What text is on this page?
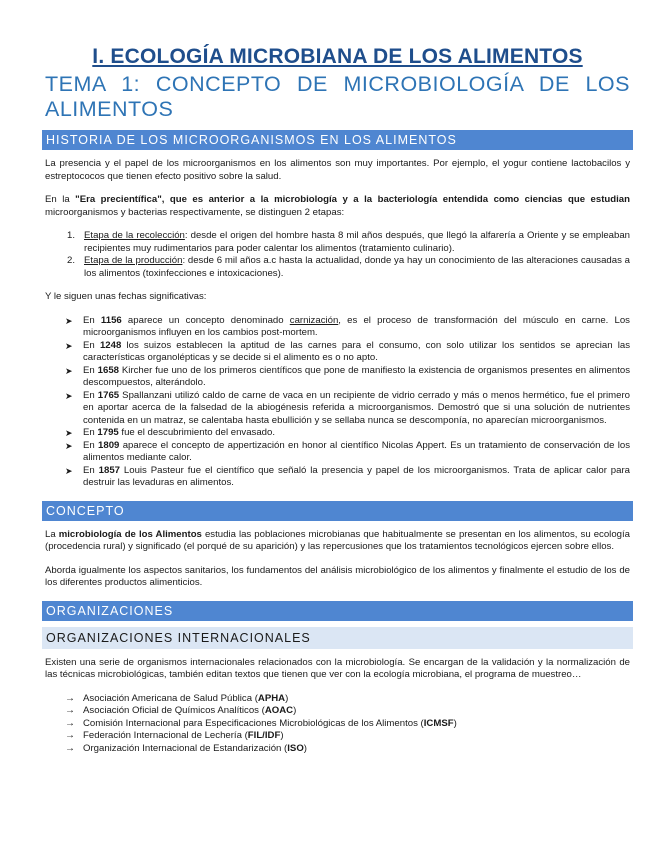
I. ECOLOGÍA MICROBIANA DE LOS ALIMENTOS
TEMA 1: CONCEPTO DE MICROBIOLOGÍA DE LOS ALIMENTOS
HISTORIA DE LOS MICROORGANISMOS EN LOS ALIMENTOS

La presencia y el papel de los microorganismos en los alimentos son muy importantes. Por ejemplo, el yogur contiene lactobacilos y estreptococos que tienen efecto positivo sobre la salud.

En la "Era precientífica", que es anterior a la microbiología y a la bacteriología entendida como ciencias que estudian microorganismos y bacterias respectivamente, se distinguen 2 etapas:

1. Etapa de la recolección: desde el origen del hombre hasta 8 mil años después, que llegó la alfarería a Oriente y se empleaban recipientes muy rudimentarios para poder calentar los alimentos (tratamiento culinario).
2. Etapa de la producción: desde 6 mil años a.c hasta la actualidad, donde ya hay un conocimiento de las alteraciones causadas a los alimentos (toxinfecciones e intoxicaciones).

Y le siguen unas fechas significativas:

➤ En 1156 aparece un concepto denominado carnización, es el proceso de transformación del músculo en carne. Los microorganismos influyen en los cambios post-mortem.
➤ En 1248 los suizos establecen la aptitud de las carnes para el consumo, con solo utilizar los sentidos se aprecian las características organolépticas y se decide si el alimento es o no apto.
➤ En 1658 Kircher fue uno de los primeros científicos que pone de manifiesto la existencia de organismos presentes en alimentos descompuestos, alterándolo.
➤ En 1765 Spallanzani utilizó caldo de carne de vaca en un recipiente de vidrio cerrado y más o menos hermético, fue el primero en aportar acerca de la falsedad de la abiogénesis referida a microorganismos. Demostró que si una solución de nutrientes contenida en un matraz, se calentaba hasta ebullición y se sellaba nunca se descomponía, no aparecían microorganismos.
➤ En 1795 fue el descubrimiento del envasado.
➤ En 1809 aparece el concepto de appertización en honor al científico Nicolas Appert. Es un tratamiento de conservación de los alimentos mediante calor.
➤ En 1857 Louis Pasteur fue el científico que señaló la presencia y papel de los microorganismos. Trata de aplicar calor para destruir las levaduras en alimentos.
CONCEPTO

La microbiología de los Alimentos estudia las poblaciones microbianas que habitualmente se presentan en los alimentos, su ecología (procedencia rural) y significado (el porqué de su aparición) y las repercusiones que los tratamientos tecnológicos ejercen sobre ellos.

Aborda igualmente los aspectos sanitarios, los fundamentos del análisis microbiológico de los alimentos y finalmente el estudio de los de los diferentes productos alimenticios.

ORGANIZACIONES
ORGANIZACIONES INTERNACIONALES

Existen una serie de organismos internacionales relacionados con la microbiología. Se encargan de la validación y la normalización de las técnicas microbiológicas, también editan textos que tienen que ver con la ecología microbiana, el programa de muestreo…

→ Asociación Americana de Salud Pública (APHA)
→ Asociación Oficial de Químicos Analíticos (AOAC)
→ Comisión Internacional para Especificaciones Microbiológicas de los Alimentos (ICMSF)
→ Federación Internacional de Lechería (FIL/IDF)
→ Organización Internacional de Estandarización (ISO)
